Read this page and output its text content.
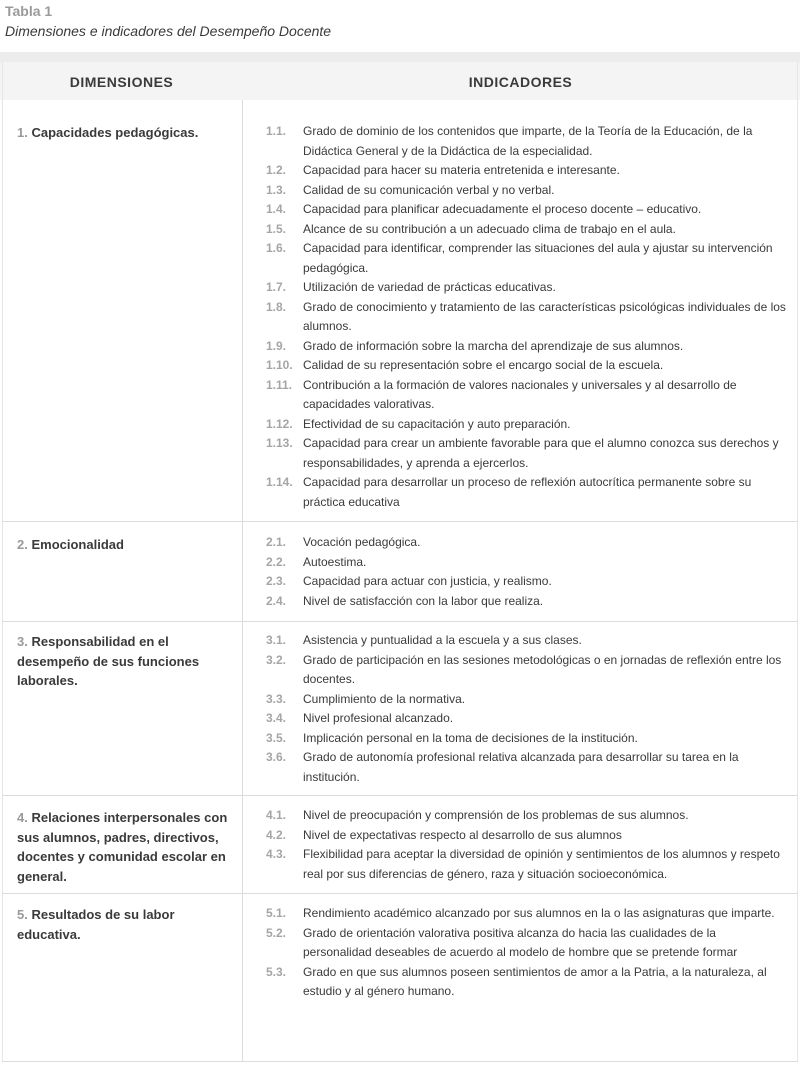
Tabla 1
Dimensiones e indicadores del Desempeño Docente
DIMENSIONES	INDICADORES
1. Capacidades pedagógicas.	1.1. Grado de dominio de los contenidos que imparte, de la Teoría de la Educación, de la Didáctica General y de la Didáctica de la especialidad.
1.2. Capacidad para hacer su materia entretenida e interesante.
1.3. Calidad de su comunicación verbal y no verbal.
1.4. Capacidad para planificar adecuadamente el proceso docente – educativo.
1.5. Alcance de su contribución a un adecuado clima de trabajo en el aula.
1.6. Capacidad para identificar, comprender las situaciones del aula y ajustar su intervención pedagógica.
1.7. Utilización de variedad de prácticas educativas.
1.8. Grado de conocimiento y tratamiento de las características psicológicas individuales de los alumnos.
1.9. Grado de información sobre la marcha del aprendizaje de sus alumnos.
1.10. Calidad de su representación sobre el encargo social de la escuela.
1.11. Contribución a la formación de valores nacionales y universales y al desarrollo de capacidades valorativas.
1.12. Efectividad de su capacitación y auto preparación.
1.13. Capacidad para crear un ambiente favorable para que el alumno conozca sus derechos y responsabilidades, y aprenda a ejercerlos.
1.14. Capacidad para desarrollar un proceso de reflexión autocrítica permanente sobre su práctica educativa
2. Emocionalidad	2.1. Vocación pedagógica.
2.2. Autoestima.
2.3. Capacidad para actuar con justicia, y realismo.
2.4. Nivel de satisfacción con la labor que realiza.
3. Responsabilidad en el desempeño de sus funciones laborales.
3.1. Asistencia y puntualidad a la escuela y a sus clases.
3.2. Grado de participación en las sesiones metodológicas o en jornadas de reflexión entre los docentes.
3.3. Cumplimiento de la normativa.
3.4. Nivel profesional alcanzado.
3.5. Implicación personal en la toma de decisiones de la institución.
3.6. Grado de autonomía profesional relativa alcanzada para desarrollar su tarea en la institución.
4. Relaciones interpersonales con sus alumnos, padres, directivos, docentes y comunidad escolar en general.
4.1. Nivel de preocupación y comprensión de los problemas de sus alumnos.
4.2. Nivel de expectativas respecto al desarrollo de sus alumnos
4.3. Flexibilidad para aceptar la diversidad de opinión y sentimientos de los alumnos y respeto real por sus diferencias de género, raza y situación socioeconómica.
5. Resultados de su labor educativa.
5.1. Rendimiento académico alcanzado por sus alumnos en la o las asignaturas que imparte.
5.2. Grado de orientación valorativa positiva alcanza do hacia las cualidades de la personalidad deseables de acuerdo al modelo de hombre que se pretende formar
5.3. Grado en que sus alumnos poseen sentimientos de amor a la Patria, a la naturaleza, al estudio y al género humano.
